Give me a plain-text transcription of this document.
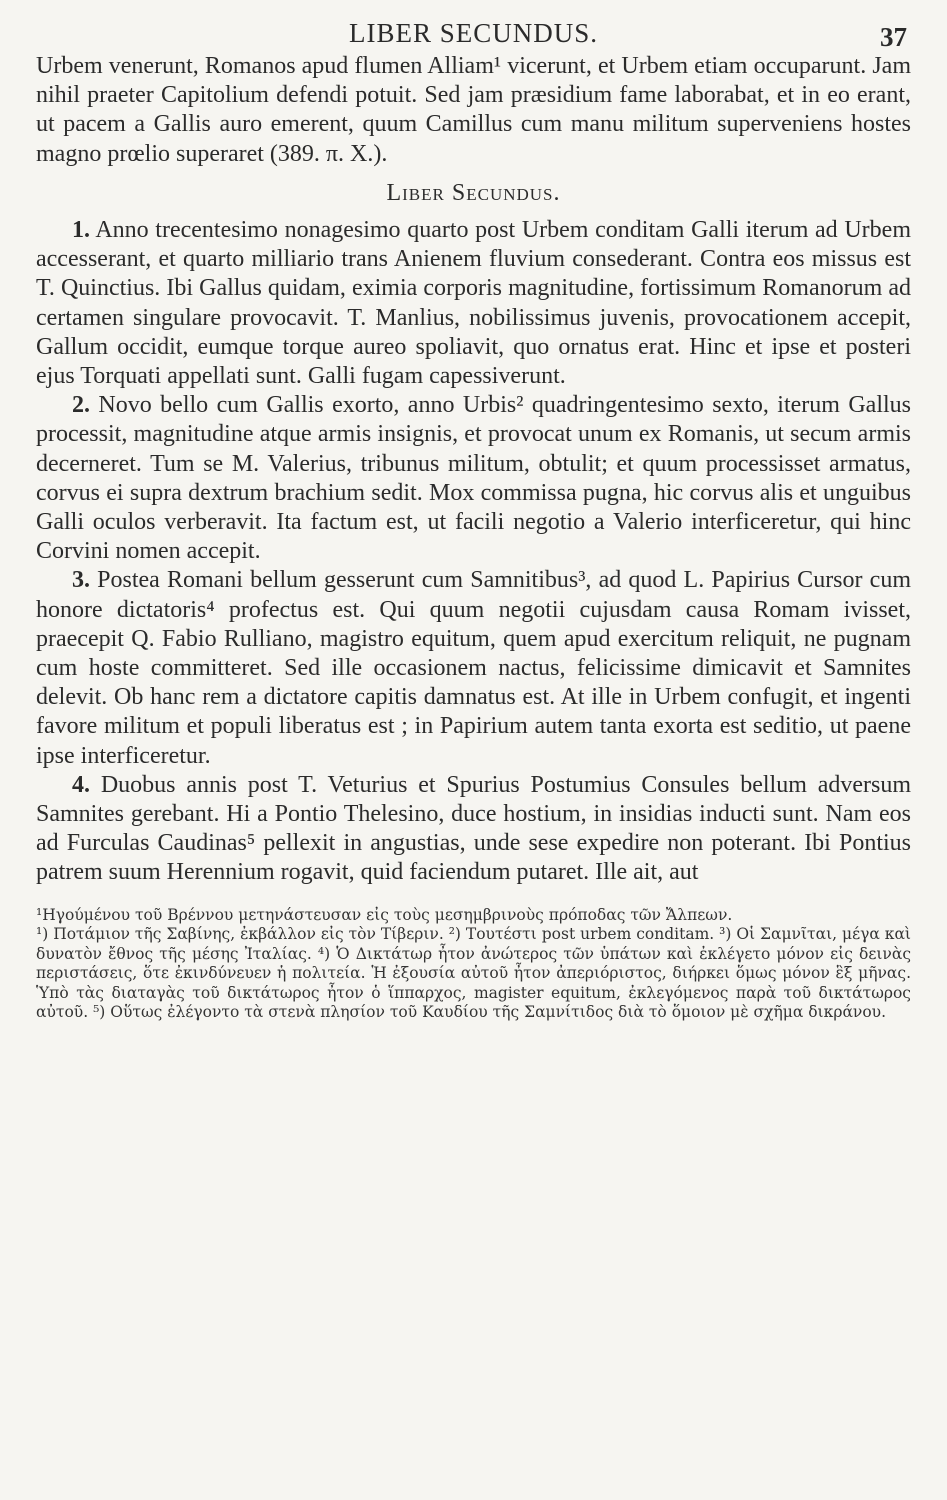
LIBER SECUNDUS.	37

Urbem venerunt, Romanos apud flumen Alliam¹ vicerunt, et Urbem etiam occuparunt. Jam nihil praeter Capitolium defendi potuit. Sed jam præsidium fame laborabat, et in eo erant, ut pacem a Gallis auro emerent, quum Camillus cum manu militum superveniens hostes magno prœlio superaret (389. π. X.).

Liber Secundus.

1. Anno trecentesimo nonagesimo quarto post Urbem conditam Galli iterum ad Urbem accesserant, et quarto milliario trans Anienem fluvium consederant. Contra eos missus est T. Quinctius. Ibi Gallus quidam, eximia corporis magnitudine, fortissimum Romanorum ad certamen singulare provocavit. T. Manlius, nobilissimus juvenis, provocationem accepit, Gallum occidit, eumque torque aureo spoliavit, quo ornatus erat. Hinc et ipse et posteri ejus Torquati appellati sunt. Galli fugam capessiverunt.

2. Novo bello cum Gallis exorto, anno Urbis² quadringentesimo sexto, iterum Gallus processit, magnitudine atque armis insignis, et provocat unum ex Romanis, ut secum armis decerneret. Tum se M. Valerius, tribunus militum, obtulit; et quum processisset armatus, corvus ei supra dextrum brachium sedit. Mox commissa pugna, hic corvus alis et unguibus Galli oculos verberavit. Ita factum est, ut facili negotio a Valerio interficeretur, qui hinc Corvini nomen accepit.

3. Postea Romani bellum gesserunt cum Samnitibus³, ad quod L. Papirius Cursor cum honore dictatoris⁴ profectus est. Qui quum negotii cujusdam causa Romam ivisset, praecepit Q. Fabio Rulliano, magistro equitum, quem apud exercitum reliquit, ne pugnam cum hoste committeret. Sed ille occasionem nactus, felicissime dimicavit et Samnites delevit. Ob hanc rem a dictatore capitis damnatus est. At ille in Urbem confugit, et ingenti favore militum et populi liberatus est ; in Papirium autem tanta exorta est seditio, ut paene ipse interficeretur.

4. Duobus annis post T. Veturius et Spurius Postumius Consules bellum adversum Samnites gerebant. Hi a Pontio Thelesino, duce hostium, in insidias inducti sunt. Nam eos ad Furculas Caudinas⁵ pellexit in angustias, unde sese expedire non poterant. Ibi Pontius patrem suum Herennium rogavit, quid faciendum putaret. Ille ait, aut

¹Ηγούμένου τοῦ Βρέννου μετηνάστευσαν εἰς τοὺς μεσημβρινοὺς πρόποδας τῶν Ἄλπεων.

¹) Ποτάμιον τῆς Σαβίνης, ἐκβάλλον εἰς τὸν Τίβεριν. ²) Τουτέστι post urbem conditam. ³) Οἱ Σαμνῖται, μέγα καὶ δυνατὸν ἔθνος τῆς μέσης Ἰταλίας. ⁴) Ὁ Δικτάτωρ ἦτον ἀνώτερος τῶν ὑπάτων καὶ ἐκλέγετο μόνον εἰς δεινὰς περιστάσεις, ὅτε ἐκινδύνευεν ἡ πολιτεία. Ἡ ἐξουσία αὐτοῦ ἦτον ἀπεριόριστος, διήρκει ὅμως μόνον ἓξ μῆνας. Ὑπὸ τὰς διαταγὰς τοῦ δικτάτωρος ἦτον ὁ ἵππαρχος, magister equitum, ἐκλεγόμενος παρὰ τοῦ δικτάτωρος αὐτοῦ. ⁵) Οὕτως ἐλέγοντο τὰ στενὰ πλησίον τοῦ Καυδίου τῆς Σαμνίτιδος διὰ τὸ ὅμοιον μὲ σχῆμα δικράνου.
